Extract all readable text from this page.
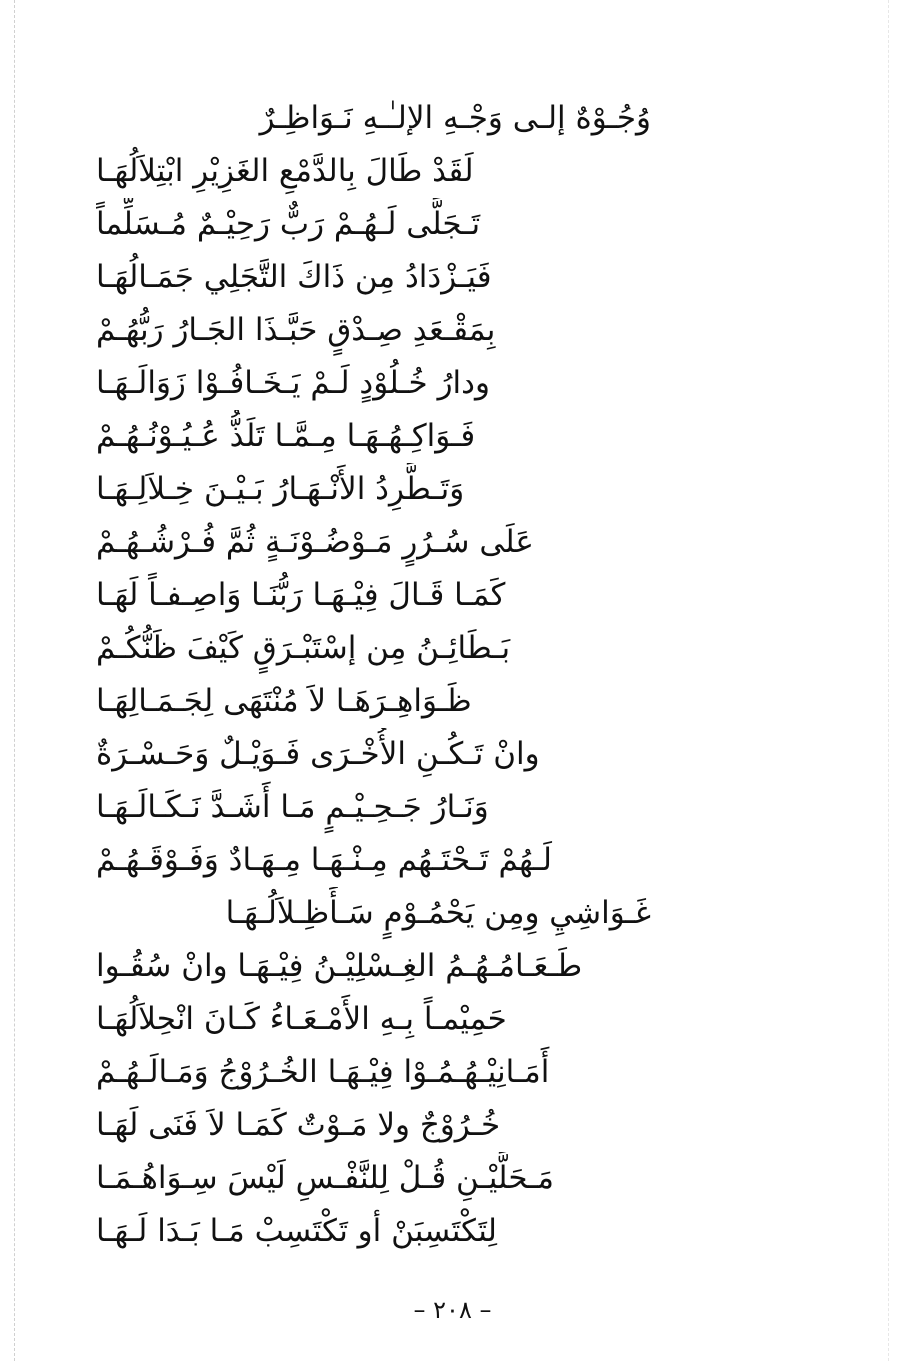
وُجُـوْهٌ إلـى وَجْـهِ الإلـٰـهِ نَـوَاظِـرٌ
لَقَدْ طَالَ بِالدَّمْعِ الغَزِيْرِ ابْتِلاَلُهَـا
تَـجَلَّى لَـهُـمْ رَبٌّ رَحِيْـمٌ مُـسَلِّماً
فَيَـزْدَادُ مِن ذَاكَ التَّجَلِي جَمَـالُهَـا
بِمَقْـعَدِ صِـدْقٍ حَبَّـذَا الجَـارُ رَبُّهُـمْ
ودارُ خُـلُوْدٍ لَـمْ يَـخَـافُـوْا زَوَالَـهَـا
فَـوَاكِـهُـهَـا مِـمَّـا تَلَذُّ عُـيُـوْنُـهُـمْ
وَتَـطَّرِدُ الأَنْـهَـارُ بَـيْـنَ خِـلاَلِـهَـا
عَلَى سُـرُرٍ مَـوْضُـوْنَـةٍ ثُمَّ فُـرْشُـهُـمْ
كَمَـا قَـالَ فِيْـهَـا رَبُّنَـا وَاصِـفـاً لَهَـا
بَـطَائِـنُ مِن إسْتَبْـرَقٍ كَيْفَ ظَنُّكُـمْ
ظَـوَاهِـرَهَـا لاَ مُنْتَهَى لِجَـمَـالِهَـا
وانْ تَـكُـنِ الأُخْـرَى فَـوَيْـلٌ وَحَـسْـرَةٌ
وَنَـارُ جَـحِـيْـمٍ مَـا أَشَـدَّ نَـكَـالَـهَـا
لَـهُمْ تَـحْتَـهُم مِـنْـهَـا مِـهَـادٌ وَفَـوْقَـهُـمْ
غَـوَاشِيِ وِمِن يَحْمُـوْمٍ سَـأَظِـلاَلُـهَـا
طَـعَـامُـهُـمُ الغِـسْلِيْـنُ فِيْـهَـا وانْ سُقُـوا
حَمِيْمـاً بِـهِ الأَمْـعَـاءُ كَـانَ انْحِلاَلُهَـا
أَمَـانِيْـهُـمُـوْا فِيْـهَـا الخُـرُوْجُ وَمَـالَـهُـمْ
خُـرُوْجٌ ولا مَـوْتٌ كَمَـا لاَ فَنَى لَهَـا
مَـحَلَّيْـنِ قُـلْ لِلنَّفْـسِ لَيْسَ سِـوَاهُـمَـا
لِتَكْتَسِبَنْ أو تَكْتَسِبْ مَـا بَـدَا لَـهَـا
– ٢٠٨ –
